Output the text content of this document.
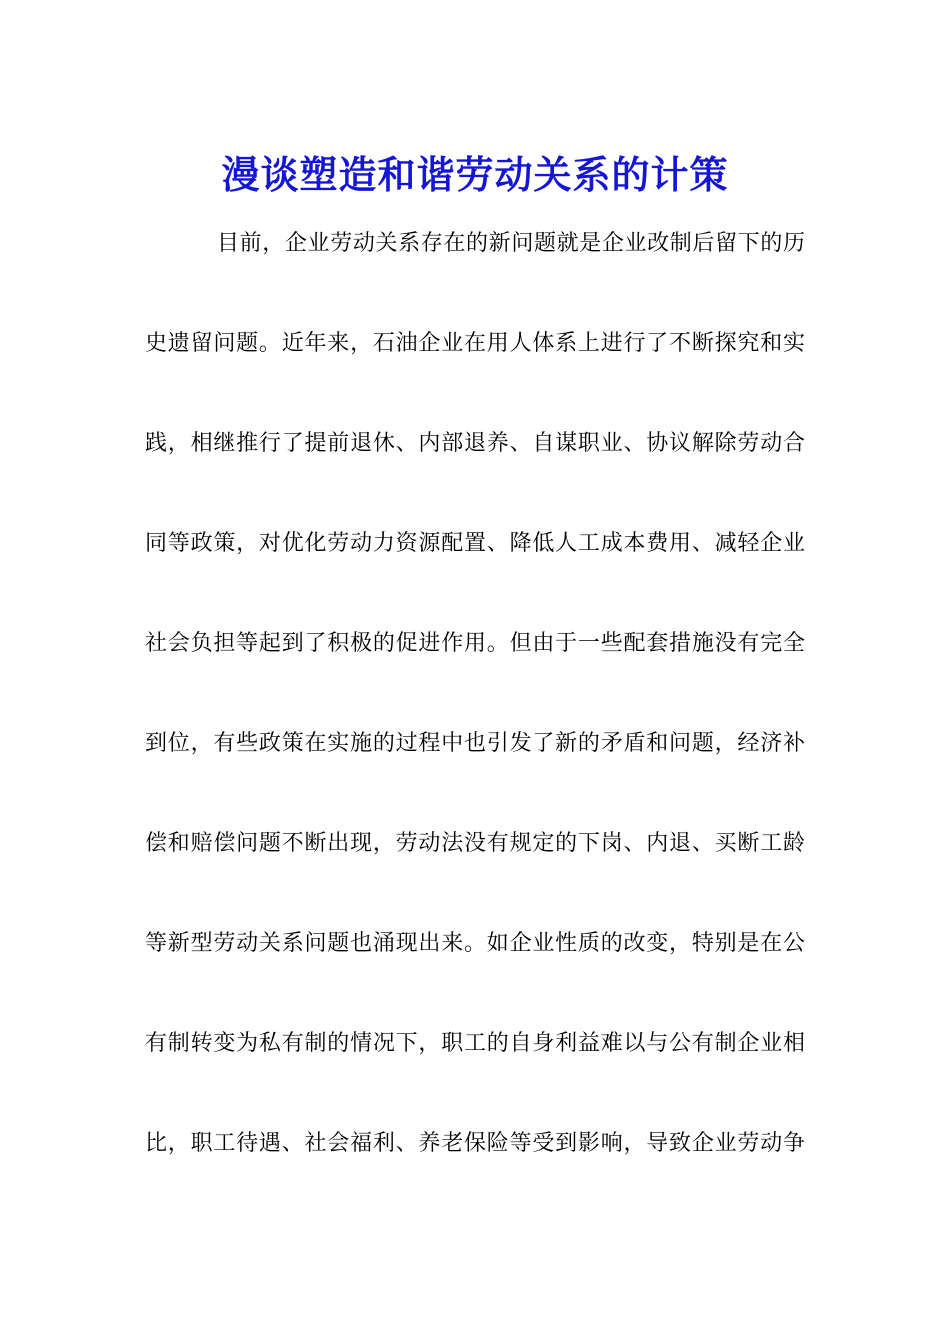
漫谈塑造和谐劳动关系的计策
目前，企业劳动关系存在的新问题就是企业改制后留下的历
史遗留问题。近年来，石油企业在用人体系上进行了不断探究和实
践，相继推行了提前退休、内部退养、自谋职业、协议解除劳动合
同等政策，对优化劳动力资源配置、降低人工成本费用、减轻企业
社会负担等起到了积极的促进作用。但由于一些配套措施没有完全
到位，有些政策在实施的过程中也引发了新的矛盾和问题，经济补
偿和赔偿问题不断出现，劳动法没有规定的下岗、内退、买断工龄
等新型劳动关系问题也涌现出来。如企业性质的改变，特别是在公
有制转变为私有制的情况下，职工的自身利益难以与公有制企业相
比，职工待遇、社会福利、养老保险等受到影响，导致企业劳动争
